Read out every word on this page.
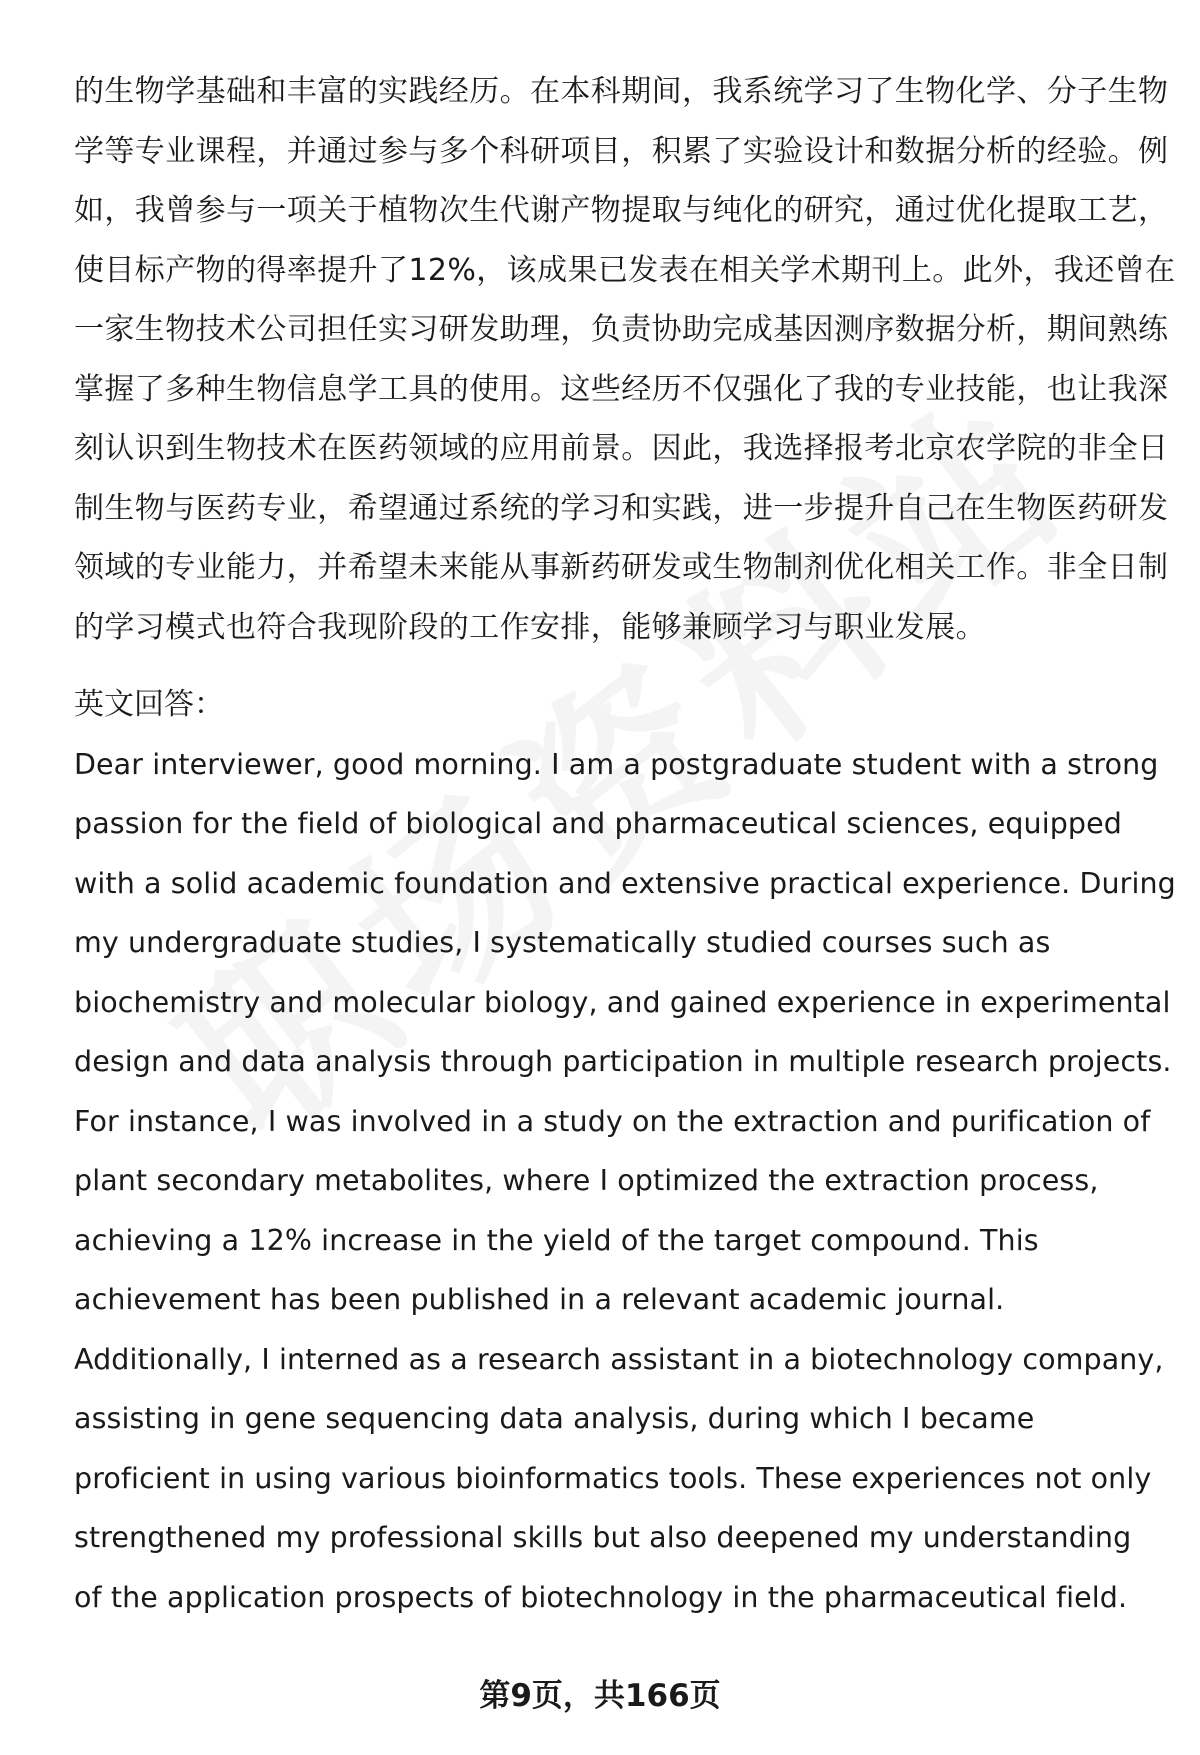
的生物学基础和丰富的实践经历。在本科期间，我系统学习了生物化学、分子生物
学等专业课程，并通过参与多个科研项目，积累了实验设计和数据分析的经验。例
如，我曾参与一项关于植物次生代谢产物提取与纯化的研究，通过优化提取工艺，
使目标产物的得率提升了12%，该成果已发表在相关学术期刊上。此外，我还曾在
一家生物技术公司担任实习研发助理，负责协助完成基因测序数据分析，期间熟练
掌握了多种生物信息学工具的使用。这些经历不仅强化了我的专业技能，也让我深
刻认识到生物技术在医药领域的应用前景。因此，我选择报考北京农学院的非全日
制生物与医药专业，希望通过系统的学习和实践，进一步提升自己在生物医药研发
领域的专业能力，并希望未来能从事新药研发或生物制剂优化相关工作。非全日制
的学习模式也符合我现阶段的工作安排，能够兼顾学习与职业发展。

英文回答：

Dear interviewer, good morning. I am a postgraduate student with a strong
passion for the field of biological and pharmaceutical sciences, equipped
with a solid academic foundation and extensive practical experience. During
my undergraduate studies, I systematically studied courses such as
biochemistry and molecular biology, and gained experience in experimental
design and data analysis through participation in multiple research projects.
For instance, I was involved in a study on the extraction and purification of
plant secondary metabolites, where I optimized the extraction process,
achieving a 12% increase in the yield of the target compound. This
achievement has been published in a relevant academic journal.
Additionally, I interned as a research assistant in a biotechnology company,
assisting in gene sequencing data analysis, during which I became
proficient in using various bioinformatics tools. These experiences not only
strengthened my professional skills but also deepened my understanding
of the application prospects of biotechnology in the pharmaceutical field.

第9页，共166页
